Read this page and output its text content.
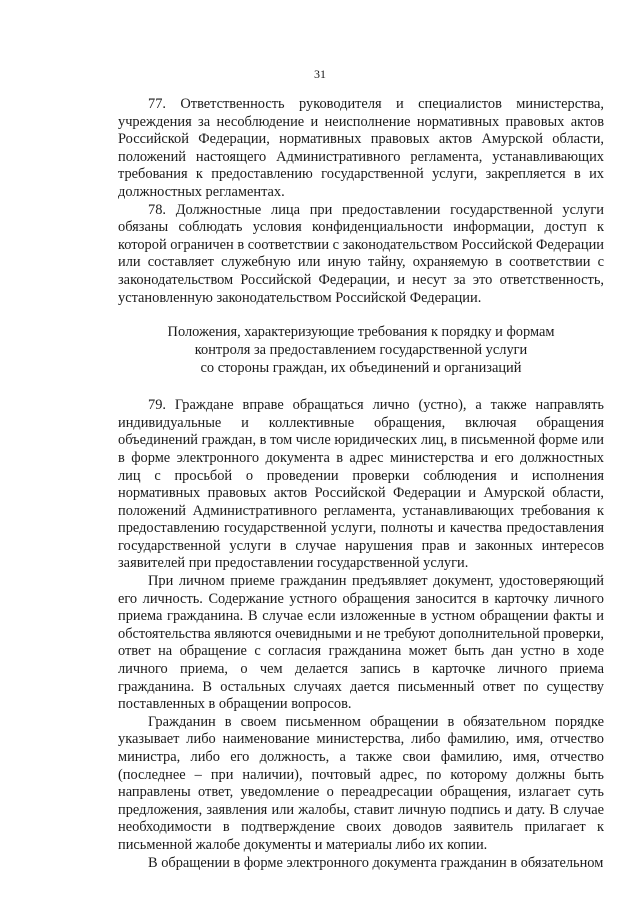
31

77. Ответственность руководителя и специалистов министерства, учреждения за несоблюдение и неисполнение нормативных правовых актов Российской Федерации, нормативных правовых актов Амурской области, положений настоящего Административного регламента, устанавливающих требования к предоставлению государственной услуги, закрепляется в их должностных регламентах.

78. Должностные лица при предоставлении государственной услуги обязаны соблюдать условия конфиденциальности информации, доступ к которой ограничен в соответствии с законодательством Российской Федерации или составляет служебную или иную тайну, охраняемую в соответствии с законодательством Российской Федерации, и несут за это ответственность, установленную законодательством Российской Федерации.

Положения, характеризующие требования к порядку и формам
контроля за предоставлением государственной услуги
со стороны граждан, их объединений и организаций

79. Граждане вправе обращаться лично (устно), а также направлять индивидуальные и коллективные обращения, включая обращения объединений граждан, в том числе юридических лиц, в письменной форме или в форме электронного документа в адрес министерства и его должностных лиц с просьбой о проведении проверки соблюдения и исполнения нормативных правовых актов Российской Федерации и Амурской области, положений Административного регламента, устанавливающих требования к предоставлению государственной услуги, полноты и качества предоставления государственной услуги в случае нарушения прав и законных интересов заявителей при предоставлении государственной услуги.

При личном приеме гражданин предъявляет документ, удостоверяющий его личность. Содержание устного обращения заносится в карточку личного приема гражданина. В случае если изложенные в устном обращении факты и обстоятельства являются очевидными и не требуют дополнительной проверки, ответ на обращение с согласия гражданина может быть дан устно в ходе личного приема, о чем делается запись в карточке личного приема гражданина. В остальных случаях дается письменный ответ по существу поставленных в обращении вопросов.

Гражданин в своем письменном обращении в обязательном порядке указывает либо наименование министерства, либо фамилию, имя, отчество министра, либо его должность, а также свои фамилию, имя, отчество (последнее – при наличии), почтовый адрес, по которому должны быть направлены ответ, уведомление о переадресации обращения, излагает суть предложения, заявления или жалобы, ставит личную подпись и дату. В случае необходимости в подтверждение своих доводов заявитель прилагает к письменной жалобе документы и материалы либо их копии.

В обращении в форме электронного документа гражданин в обязательном
